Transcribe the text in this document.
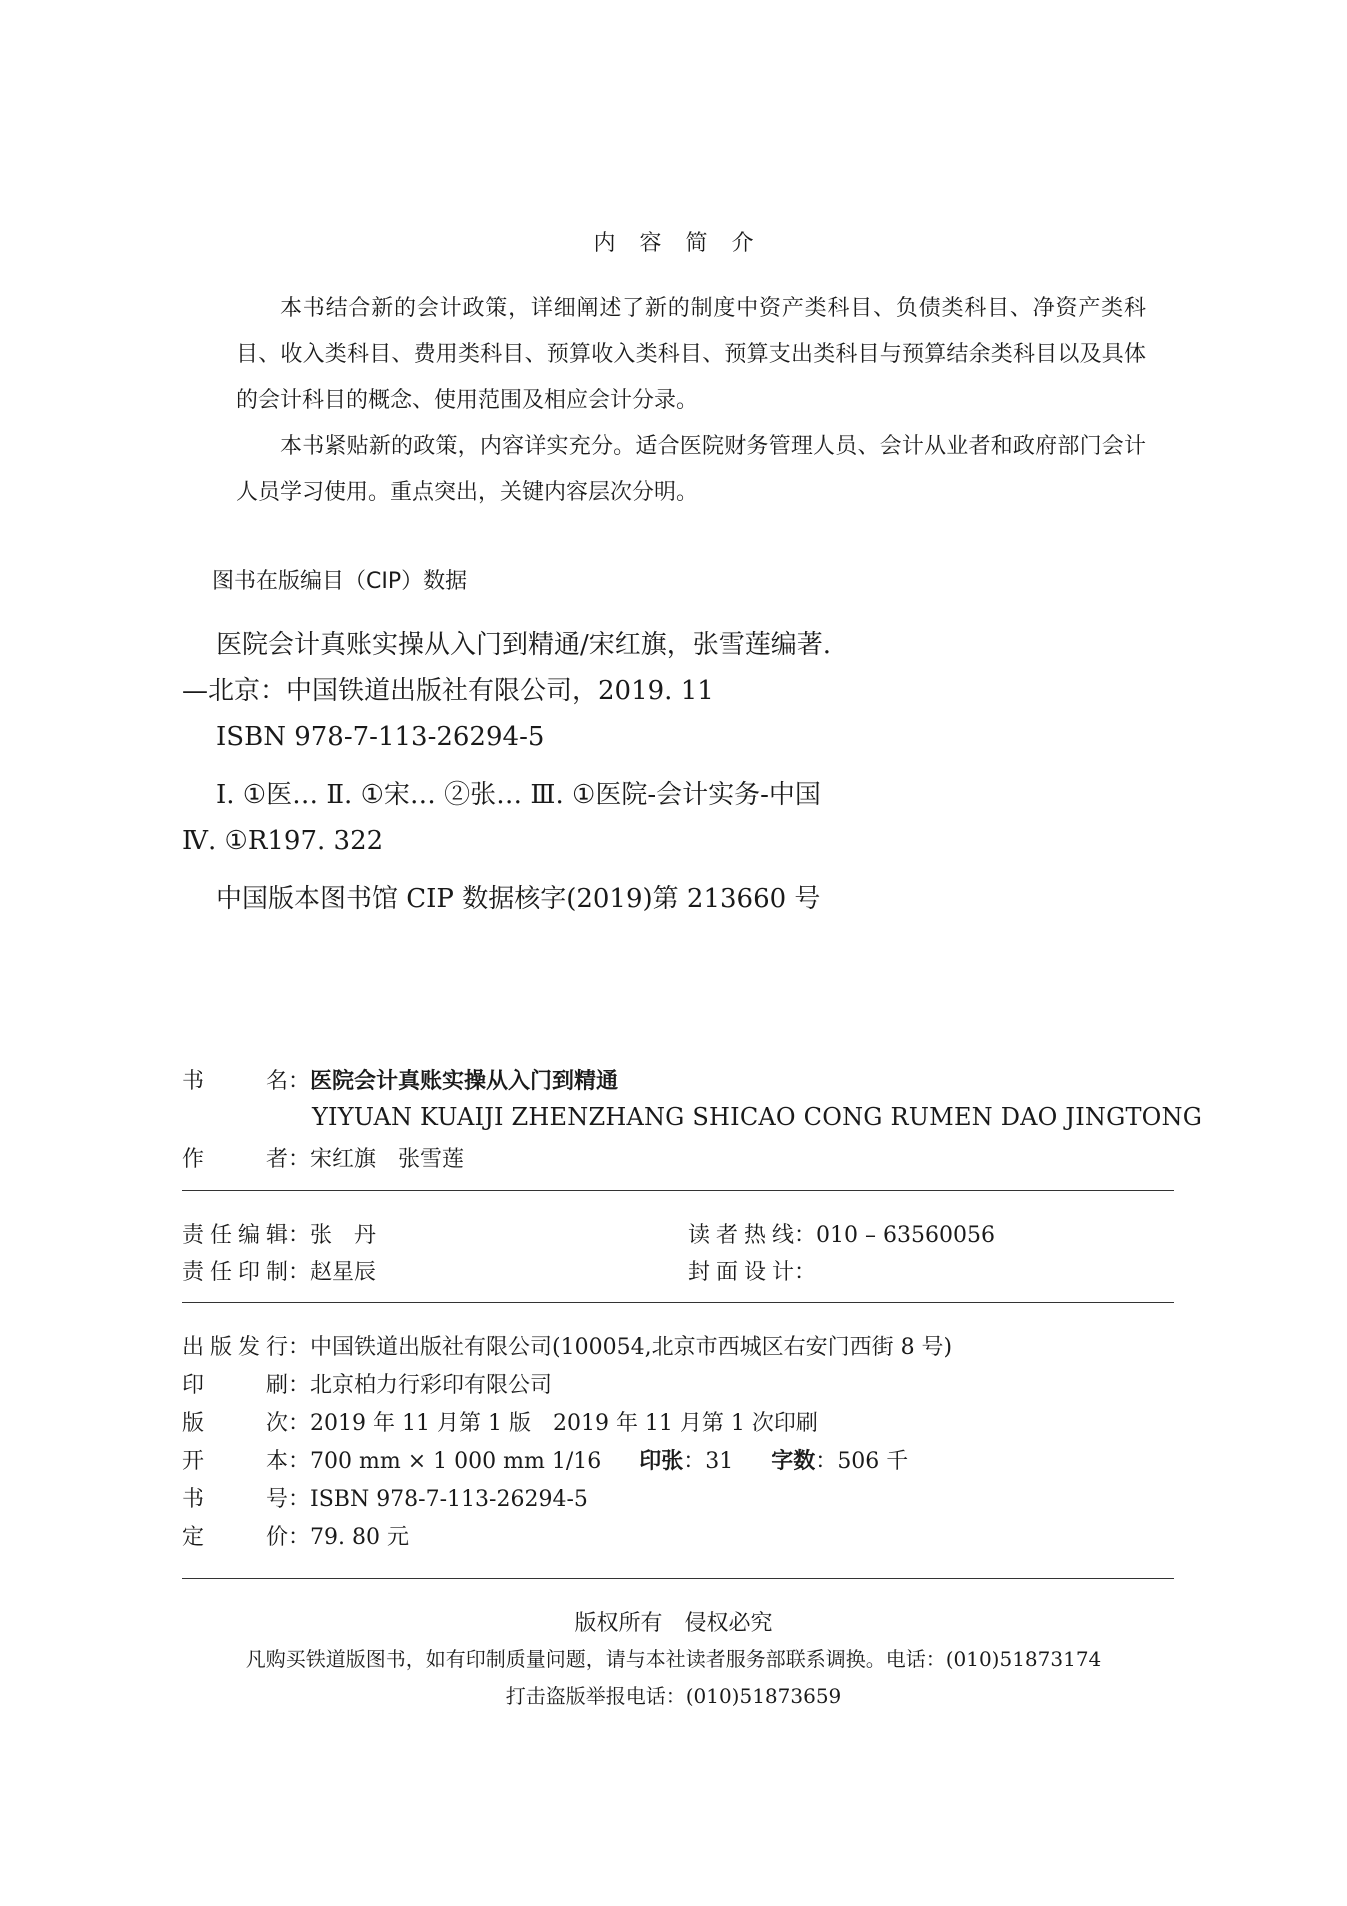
内容简介

本书结合新的会计政策，详细阐述了新的制度中资产类科目、负债类科目、净资产类科目、收入类科目、费用类科目、预算收入类科目、预算支出类科目与预算结余类科目以及具体的会计科目的概念、使用范围及相应会计分录。

本书紧贴新的政策，内容详实充分。适合医院财务管理人员、会计从业者和政府部门会计人员学习使用。重点突出，关键内容层次分明。

图书在版编目（CIP）数据

医院会计真账实操从入门到精通/宋红旗，张雪莲编著. —北京：中国铁道出版社有限公司，2019. 11

ISBN 978-7-113-26294-5

Ⅰ. ①医… Ⅱ. ①宋… ②张… Ⅲ. ①医院-会计实务-中国 Ⅳ. ①R197. 322

中国版本图书馆 CIP 数据核字(2019)第 213660 号

书名：医院会计真账实操从入门到精通
YIYUAN KUAIJI ZHENZHANG SHICAO CONG RUMEN DAO JINGTONG
作者：宋红旗　张雪莲
责任编辑：张　丹	读者热线：010 – 63560056
责任印制：赵星辰	封面设计：
出版发行：中国铁道出版社有限公司(100054,北京市西城区右安门西街 8 号)
印刷：北京柏力行彩印有限公司
版次：2019 年 11 月第 1 版　2019 年 11 月第 1 次印刷
开本：700 mm × 1 000 mm 1/16 印张：31 字数：506 千
书号：ISBN 978-7-113-26294-5
定价：79. 80 元
版权所有　侵权必究
凡购买铁道版图书，如有印制质量问题，请与本社读者服务部联系调换。电话：(010)51873174
打击盗版举报电话：(010)51873659
